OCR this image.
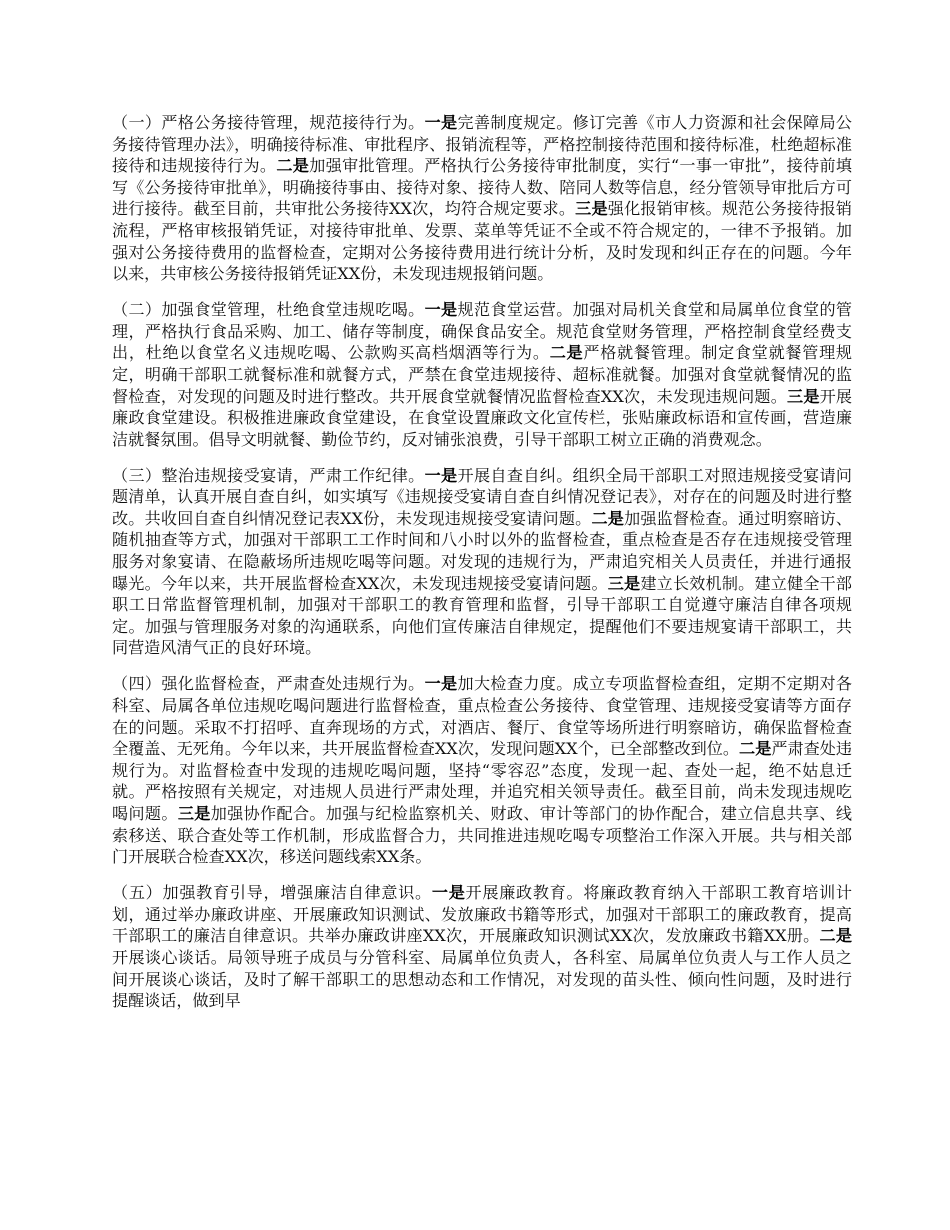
（一）严格公务接待管理，规范接待行为。一是完善制度规定。修订完善《市人力资源和社会保障局公务接待管理办法》，明确接待标准、审批程序、报销流程等，严格控制接待范围和接待标准，杜绝超标准接待和违规接待行为。二是加强审批管理。严格执行公务接待审批制度，实行“一事一审批”，接待前填写《公务接待审批单》，明确接待事由、接待对象、接待人数、陪同人数等信息，经分管领导审批后方可进行接待。截至目前，共审批公务接待XX次，均符合规定要求。三是强化报销审核。规范公务接待报销流程，严格审核报销凭证，对接待审批单、发票、菜单等凭证不全或不符合规定的，一律不予报销。加强对公务接待费用的监督检查，定期对公务接待费用进行统计分析，及时发现和纠正存在的问题。今年以来，共审核公务接待报销凭证XX份，未发现违规报销问题。

（二）加强食堂管理，杜绝食堂违规吃喝。一是规范食堂运营。加强对局机关食堂和局属单位食堂的管理，严格执行食品采购、加工、储存等制度，确保食品安全。规范食堂财务管理，严格控制食堂经费支出，杜绝以食堂名义违规吃喝、公款购买高档烟酒等行为。二是严格就餐管理。制定食堂就餐管理规定，明确干部职工就餐标准和就餐方式，严禁在食堂违规接待、超标准就餐。加强对食堂就餐情况的监督检查，对发现的问题及时进行整改。共开展食堂就餐情况监督检查XX次，未发现违规问题。三是开展廉政食堂建设。积极推进廉政食堂建设，在食堂设置廉政文化宣传栏，张贴廉政标语和宣传画，营造廉洁就餐氛围。倡导文明就餐、勤俭节约，反对铺张浪费，引导干部职工树立正确的消费观念。

（三）整治违规接受宴请，严肃工作纪律。一是开展自查自纠。组织全局干部职工对照违规接受宴请问题清单，认真开展自查自纠，如实填写《违规接受宴请自查自纠情况登记表》，对存在的问题及时进行整改。共收回自查自纠情况登记表XX份，未发现违规接受宴请问题。二是加强监督检查。通过明察暗访、随机抽查等方式，加强对干部职工工作时间和八小时以外的监督检查，重点检查是否存在违规接受管理服务对象宴请、在隐蔽场所违规吃喝等问题。对发现的违规行为，严肃追究相关人员责任，并进行通报曝光。今年以来，共开展监督检查XX次，未发现违规接受宴请问题。三是建立长效机制。建立健全干部职工日常监督管理机制，加强对干部职工的教育管理和监督，引导干部职工自觉遵守廉洁自律各项规定。加强与管理服务对象的沟通联系，向他们宣传廉洁自律规定，提醒他们不要违规宴请干部职工，共同营造风清气正的良好环境。

（四）强化监督检查，严肃查处违规行为。一是加大检查力度。成立专项监督检查组，定期不定期对各科室、局属各单位违规吃喝问题进行监督检查，重点检查公务接待、食堂管理、违规接受宴请等方面存在的问题。采取不打招呼、直奔现场的方式，对酒店、餐厅、食堂等场所进行明察暗访，确保监督检查全覆盖、无死角。今年以来，共开展监督检查XX次，发现问题XX个，已全部整改到位。二是严肃查处违规行为。对监督检查中发现的违规吃喝问题，坚持“零容忍”态度，发现一起、查处一起，绝不姑息迁就。严格按照有关规定，对违规人员进行严肃处理，并追究相关领导责任。截至目前，尚未发现违规吃喝问题。三是加强协作配合。加强与纪检监察机关、财政、审计等部门的协作配合，建立信息共享、线索移送、联合查处等工作机制，形成监督合力，共同推进违规吃喝专项整治工作深入开展。共与相关部门开展联合检查XX次，移送问题线索XX条。

（五）加强教育引导，增强廉洁自律意识。一是开展廉政教育。将廉政教育纳入干部职工教育培训计划，通过举办廉政讲座、开展廉政知识测试、发放廉政书籍等形式，加强对干部职工的廉政教育，提高干部职工的廉洁自律意识。共举办廉政讲座XX次，开展廉政知识测试XX次，发放廉政书籍XX册。二是开展谈心谈话。局领导班子成员与分管科室、局属单位负责人，各科室、局属单位负责人与工作人员之间开展谈心谈话，及时了解干部职工的思想动态和工作情况，对发现的苗头性、倾向性问题，及时进行提醒谈话，做到早
